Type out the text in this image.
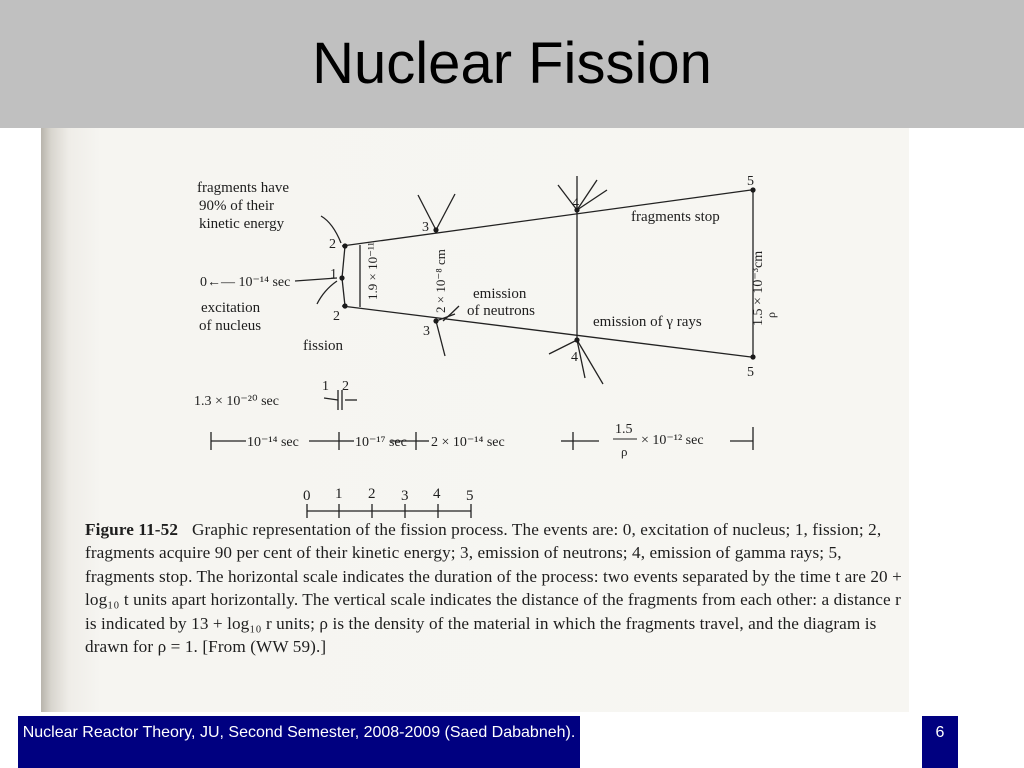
Nuclear Fission
fragments have
90% of their
kinetic energy
2
1
2
0←— 10⁻¹⁴ sec
excitation
of nucleus
fission
1.9 × 10⁻¹¹
3
3
2 × 10⁻⁸ cm emission
of neutrons
4
4
5
5
fragments stop
emission of γ rays	1.5 × 10⁻³cm
ρ
1 2
1.3 × 10⁻²⁰ sec
10⁻¹⁴ sec	10⁻¹⁷ sec 2 × 10⁻¹⁴ sec
1.5
ρ
× 10⁻¹² sec
0 1 2 3 4 5
Figure 11-52 Graphic representation of the fission process. The events are: 0, excitation of nucleus; 1, fission; 2, fragments acquire 90 per cent of their kinetic energy; 3, emission of neutrons; 4, emission of gamma rays; 5, fragments stop. The horizontal scale indicates the duration of the process: two events separated by the time t are 20 + log₁₀ t units apart horizontally. The vertical scale indicates the distance of the fragments from each other: a distance r is indicated by 13 + log₁₀ r units; ρ is the density of the material in which the fragments travel, and the diagram is drawn for ρ = 1. [From (WW 59).]
Nuclear Reactor Theory, JU, Second Semester, 2008-2009 (Saed Dababneh).	6
